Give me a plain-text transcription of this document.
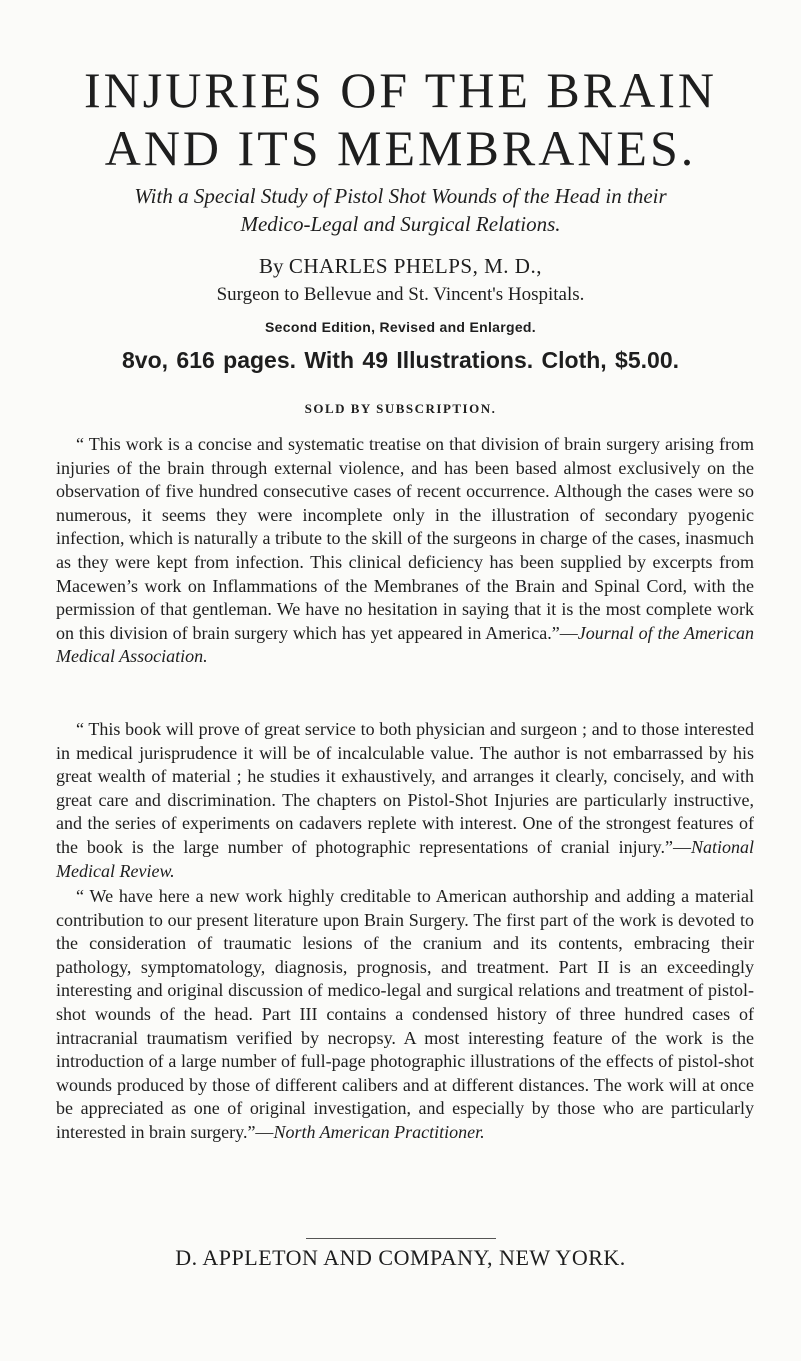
INJURIES OF THE BRAIN
AND ITS MEMBRANES.
With a Special Study of Pistol Shot Wounds of the Head in their
Medico-Legal and Surgical Relations.
By CHARLES PHELPS, M. D.,
Surgeon to Bellevue and St. Vincent's Hospitals.
Second Edition, Revised and Enlarged.
8vo, 616 pages. With 49 Illustrations. Cloth, $5.00.
SOLD BY SUBSCRIPTION.

“ This work is a concise and systematic treatise on that division of brain surgery arising from injuries of the brain through external violence, and has been based almost exclusively on the observation of five hundred consecutive cases of recent occurrence. Although the cases were so numerous, it seems they were incomplete only in the illustration of secondary pyogenic infection, which is naturally a tribute to the skill of the surgeons in charge of the cases, inasmuch as they were kept from infection. This clinical deficiency has been supplied by excerpts from Macewen’s work on Inflammations of the Membranes of the Brain and Spinal Cord, with the permission of that gentleman. We have no hesitation in saying that it is the most complete work on this division of brain surgery which has yet appeared in America.”—Journal of the American Medical Association.

“ This book will prove of great service to both physician and surgeon ; and to those interested in medical jurisprudence it will be of incalculable value. The author is not embarrassed by his great wealth of material ; he studies it exhaustively, and arranges it clearly, concisely, and with great care and discrimination. The chapters on Pistol-Shot Injuries are particularly instructive, and the series of experiments on cadavers replete with interest. One of the strongest features of the book is the large number of photographic representations of cranial injury.”—National Medical Review.

“ We have here a new work highly creditable to American authorship and adding a material contribution to our present literature upon Brain Surgery. The first part of the work is devoted to the consideration of traumatic lesions of the cranium and its contents, embracing their pathology, symptomatology, diagnosis, prognosis, and treatment. Part II is an exceedingly interesting and original discussion of medico-legal and surgical relations and treatment of pistol-shot wounds of the head. Part III contains a condensed history of three hundred cases of intracranial traumatism verified by necropsy. A most interesting feature of the work is the introduction of a large number of full-page photographic illustrations of the effects of pistol-shot wounds produced by those of different calibers and at different distances. The work will at once be appreciated as one of original investigation, and especially by those who are particularly interested in brain surgery.”—North American Practitioner.

D. APPLETON AND COMPANY, NEW YORK.
